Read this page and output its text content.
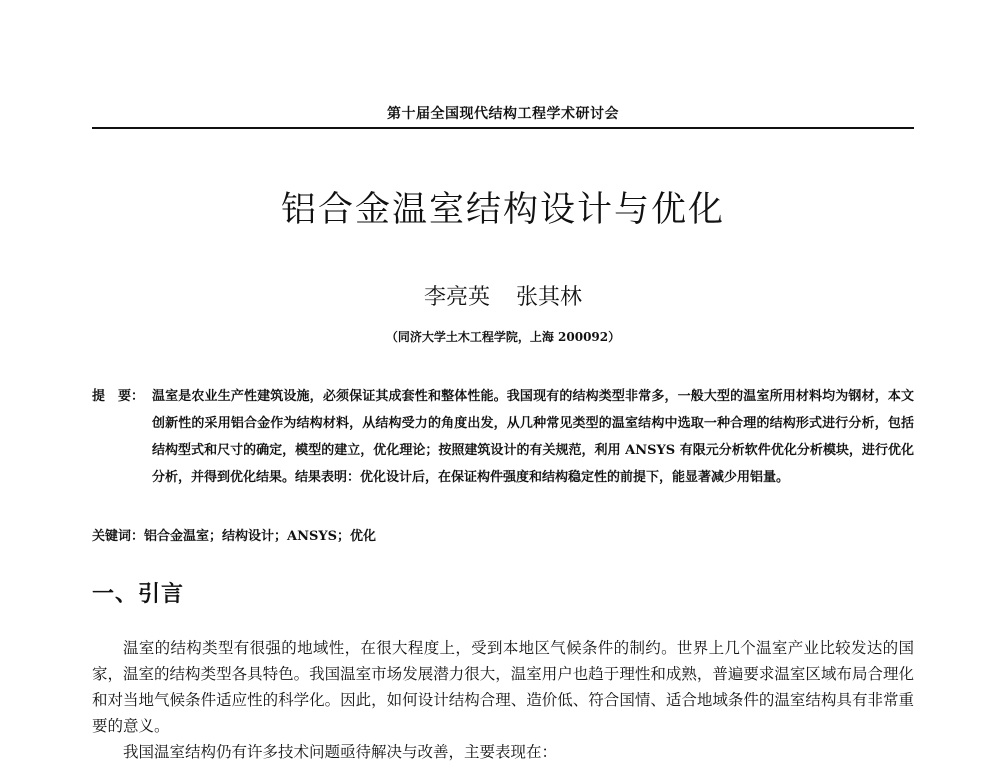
第十届全国现代结构工程学术研讨会
铝合金温室结构设计与优化
李亮英 张其林
（同济大学土木工程学院，上海 200092）
提　要： 温室是农业生产性建筑设施，必须保证其成套性和整体性能。我国现有的结构类型非常多，一般大型的温室所用材料均为钢材，本文创新性的采用铝合金作为结构材料，从结构受力的角度出发，从几种常见类型的温室结构中选取一种合理的结构形式进行分析，包括结构型式和尺寸的确定，模型的建立，优化理论；按照建筑设计的有关规范，利用 ANSYS 有限元分析软件优化分析模块，进行优化分析，并得到优化结果。结果表明：优化设计后，在保证构件强度和结构稳定性的前提下，能显著减少用铝量。
关键词：铝合金温室；结构设计；ANSYS；优化
一、引言

温室的结构类型有很强的地域性，在很大程度上，受到本地区气候条件的制约。世界上几个温室产业比较发达的国家，温室的结构类型各具特色。我国温室市场发展潜力很大，温室用户也趋于理性和成熟，普遍要求温室区域布局合理化和对当地气候条件适应性的科学化。因此，如何设计结构合理、造价低、符合国情、适合地域条件的温室结构具有非常重要的意义。

我国温室结构仍有许多技术问题亟待解决与改善，主要表现在：
